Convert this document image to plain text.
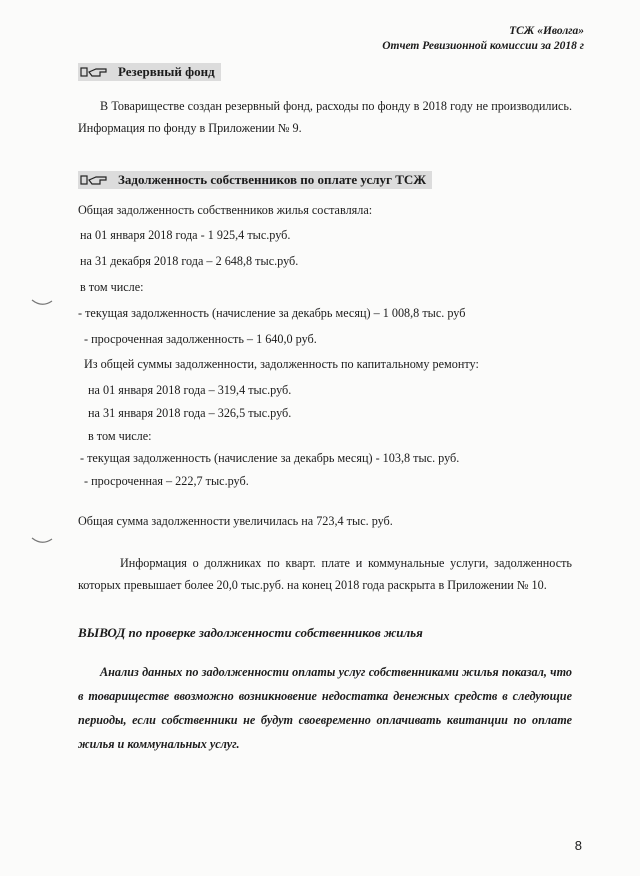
ТСЖ «Иволга»
Отчет Ревизионной комиссии за 2018 г
Резервный фонд
В Товариществе создан резервный фонд, расходы по фонду в 2018 году не производились. Информация по фонду в Приложении № 9.
Задолженность собственников по оплате услуг ТСЖ
Общая задолженность собственников жилья составляла:
на 01 января 2018 года - 1 925,4 тыс.руб.
на 31 декабря 2018 года – 2 648,8 тыс.руб.
в том числе:
- текущая задолженность (начисление за декабрь месяц) – 1 008,8 тыс. руб
- просроченная задолженность – 1 640,0 руб.
Из общей суммы задолженности, задолженность по капитальному ремонту:
на 01 января 2018 года – 319,4 тыс.руб.
на 31 января 2018 года – 326,5 тыс.руб.
в том числе:
- текущая задолженность (начисление за декабрь месяц) - 103,8 тыс. руб.
- просроченная – 222,7 тыс.руб.
Общая сумма задолженности увеличилась на 723,4 тыс. руб.
Информация о должниках по кварт. плате и коммунальные услуги, задолженность которых превышает более 20,0 тыс.руб. на конец 2018 года раскрыта в Приложении № 10.
ВЫВОД по проверке задолженности собственников жилья
Анализ данных по задолженности оплаты услуг собственниками жилья показал, что в товариществе ввозможно возникновение недостатка денежных средств в следующие периоды, если собственники не будут своевременно оплачивать квитанции по оплате жилья и коммунальных услуг.
8
